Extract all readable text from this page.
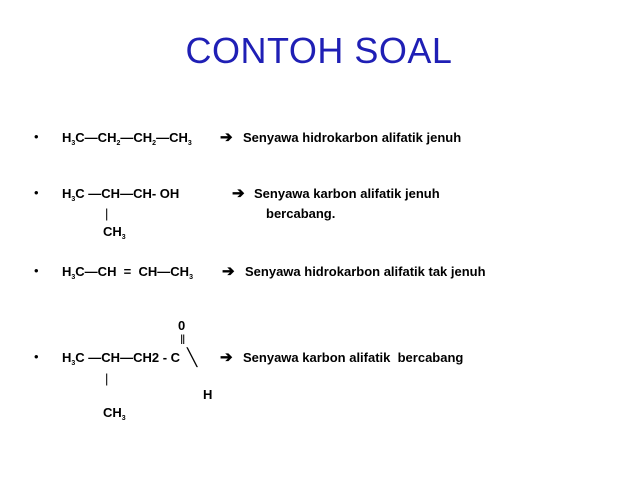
CONTOH SOAL
• $H_3C—CH_2—CH_2—CH_3$ ➔ Senyawa hidrokarbon alifatik jenuh
• $H_3C$ —CH—CH- OH
|
$CH_3$
➔ Senyawa karbon alifatik jenuh
bercabang.
• $H_3C—CH$  =  $CH—CH_3$ ➔ Senyawa hidrokarbon alifatik tak jenuh
0
‖
• $H_3C$ —CH—CH2 - C ╲
H
|
$CH_3$
➔ Senyawa karbon alifatik  bercabang
